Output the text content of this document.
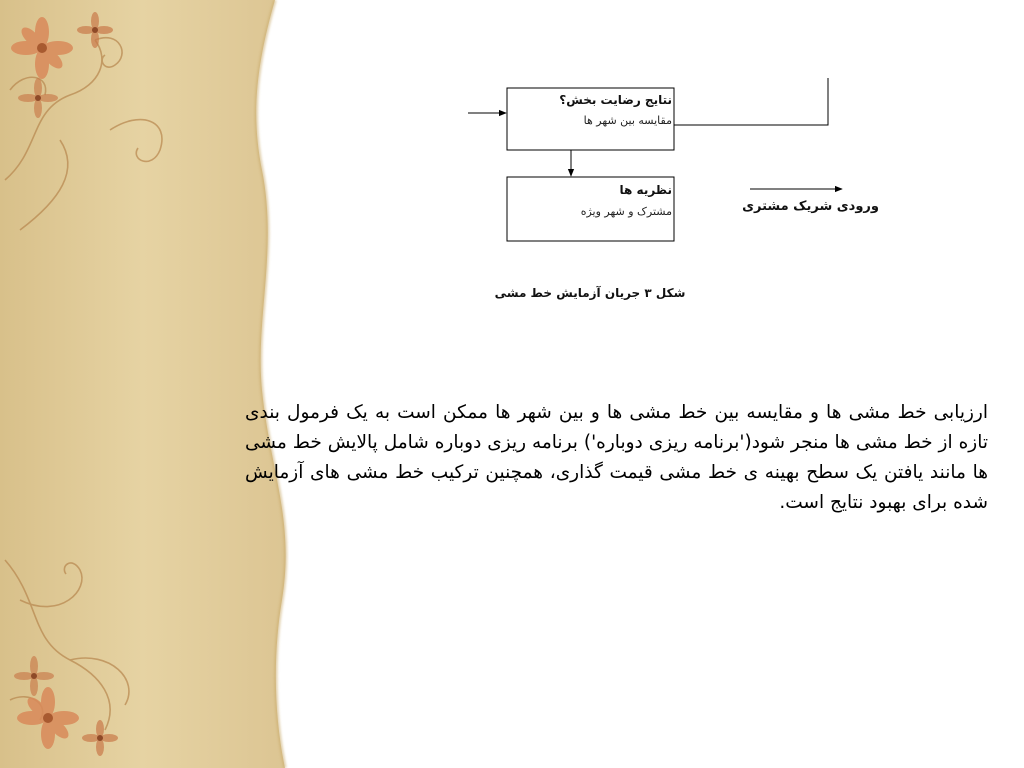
نتایج رضایت بخش؟
مقایسه بین شهر ها
نظریه ها
مشترک و شهر ویژه	ورودی شریک مشتری
شکل ۳ جریان آزمایش خط مشی

ارزیابی خط مشی ها و مقایسه بین خط مشی ها و بین شهر ها ممکن است به یک فرمول بندی تازه از خط مشی ها منجر شود('برنامه ریزی دوباره') برنامه ریزی دوباره شامل پالایش خط مشی ها مانند یافتن یک سطح بهینه ی خط مشی قیمت گذاری، همچنین ترکیب خط مشی های آزمایش شده برای بهبود نتایج است.
